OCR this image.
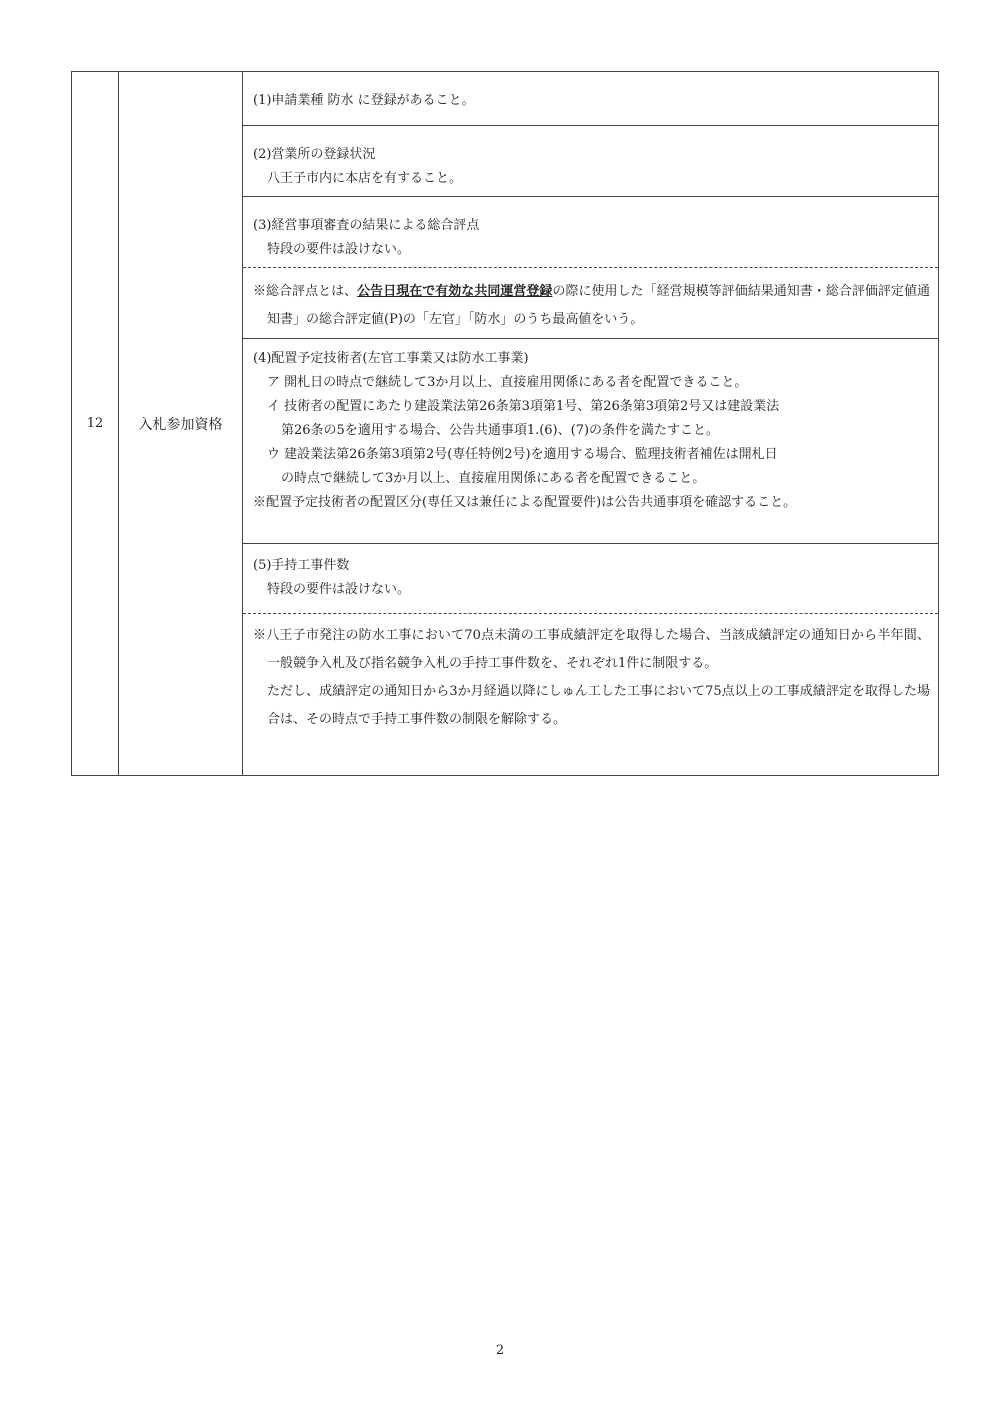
12	入札参加資格	
(1)申請業種 防水 に登録があること。
(2)営業所の登録状況
八王子市内に本店を有すること。
(3)経営事項審査の結果による総合評点
特段の要件は設けない。
※総合評点とは、公告日現在で有効な共同運営登録の際に使用した「経営規模等評価結果通知書・総合評価評定値通知書」の総合評定値(P)の「左官」「防水」のうち最高値をいう。
(4)配置予定技術者(左官工事業又は防水工事業)
ア 開札日の時点で継続して3か月以上、直接雇用関係にある者を配置できること。
イ 技術者の配置にあたり建設業法第26条第3項第1号、第26条第3項第2号又は建設業法
第26条の5を適用する場合、公告共通事項1.(6)、(7)の条件を満たすこと。
ウ 建設業法第26条第3項第2号(専任特例2号)を適用する場合、監理技術者補佐は開札日
の時点で継続して3か月以上、直接雇用関係にある者を配置できること。
※配置予定技術者の配置区分(専任又は兼任による配置要件)は公告共通事項を確認すること。
(5)手持工事件数
特段の要件は設けない。
※八王子市発注の防水工事において70点未満の工事成績評定を取得した場合、当該成績評定の通知日から半年間、一般競争入札及び指名競争入札の手持工事件数を、それぞれ1件に制限する。
ただし、成績評定の通知日から3か月経過以降にしゅん工した工事において75点以上の工事成績評定を取得した場合は、その時点で手持工事件数の制限を解除する。
2
